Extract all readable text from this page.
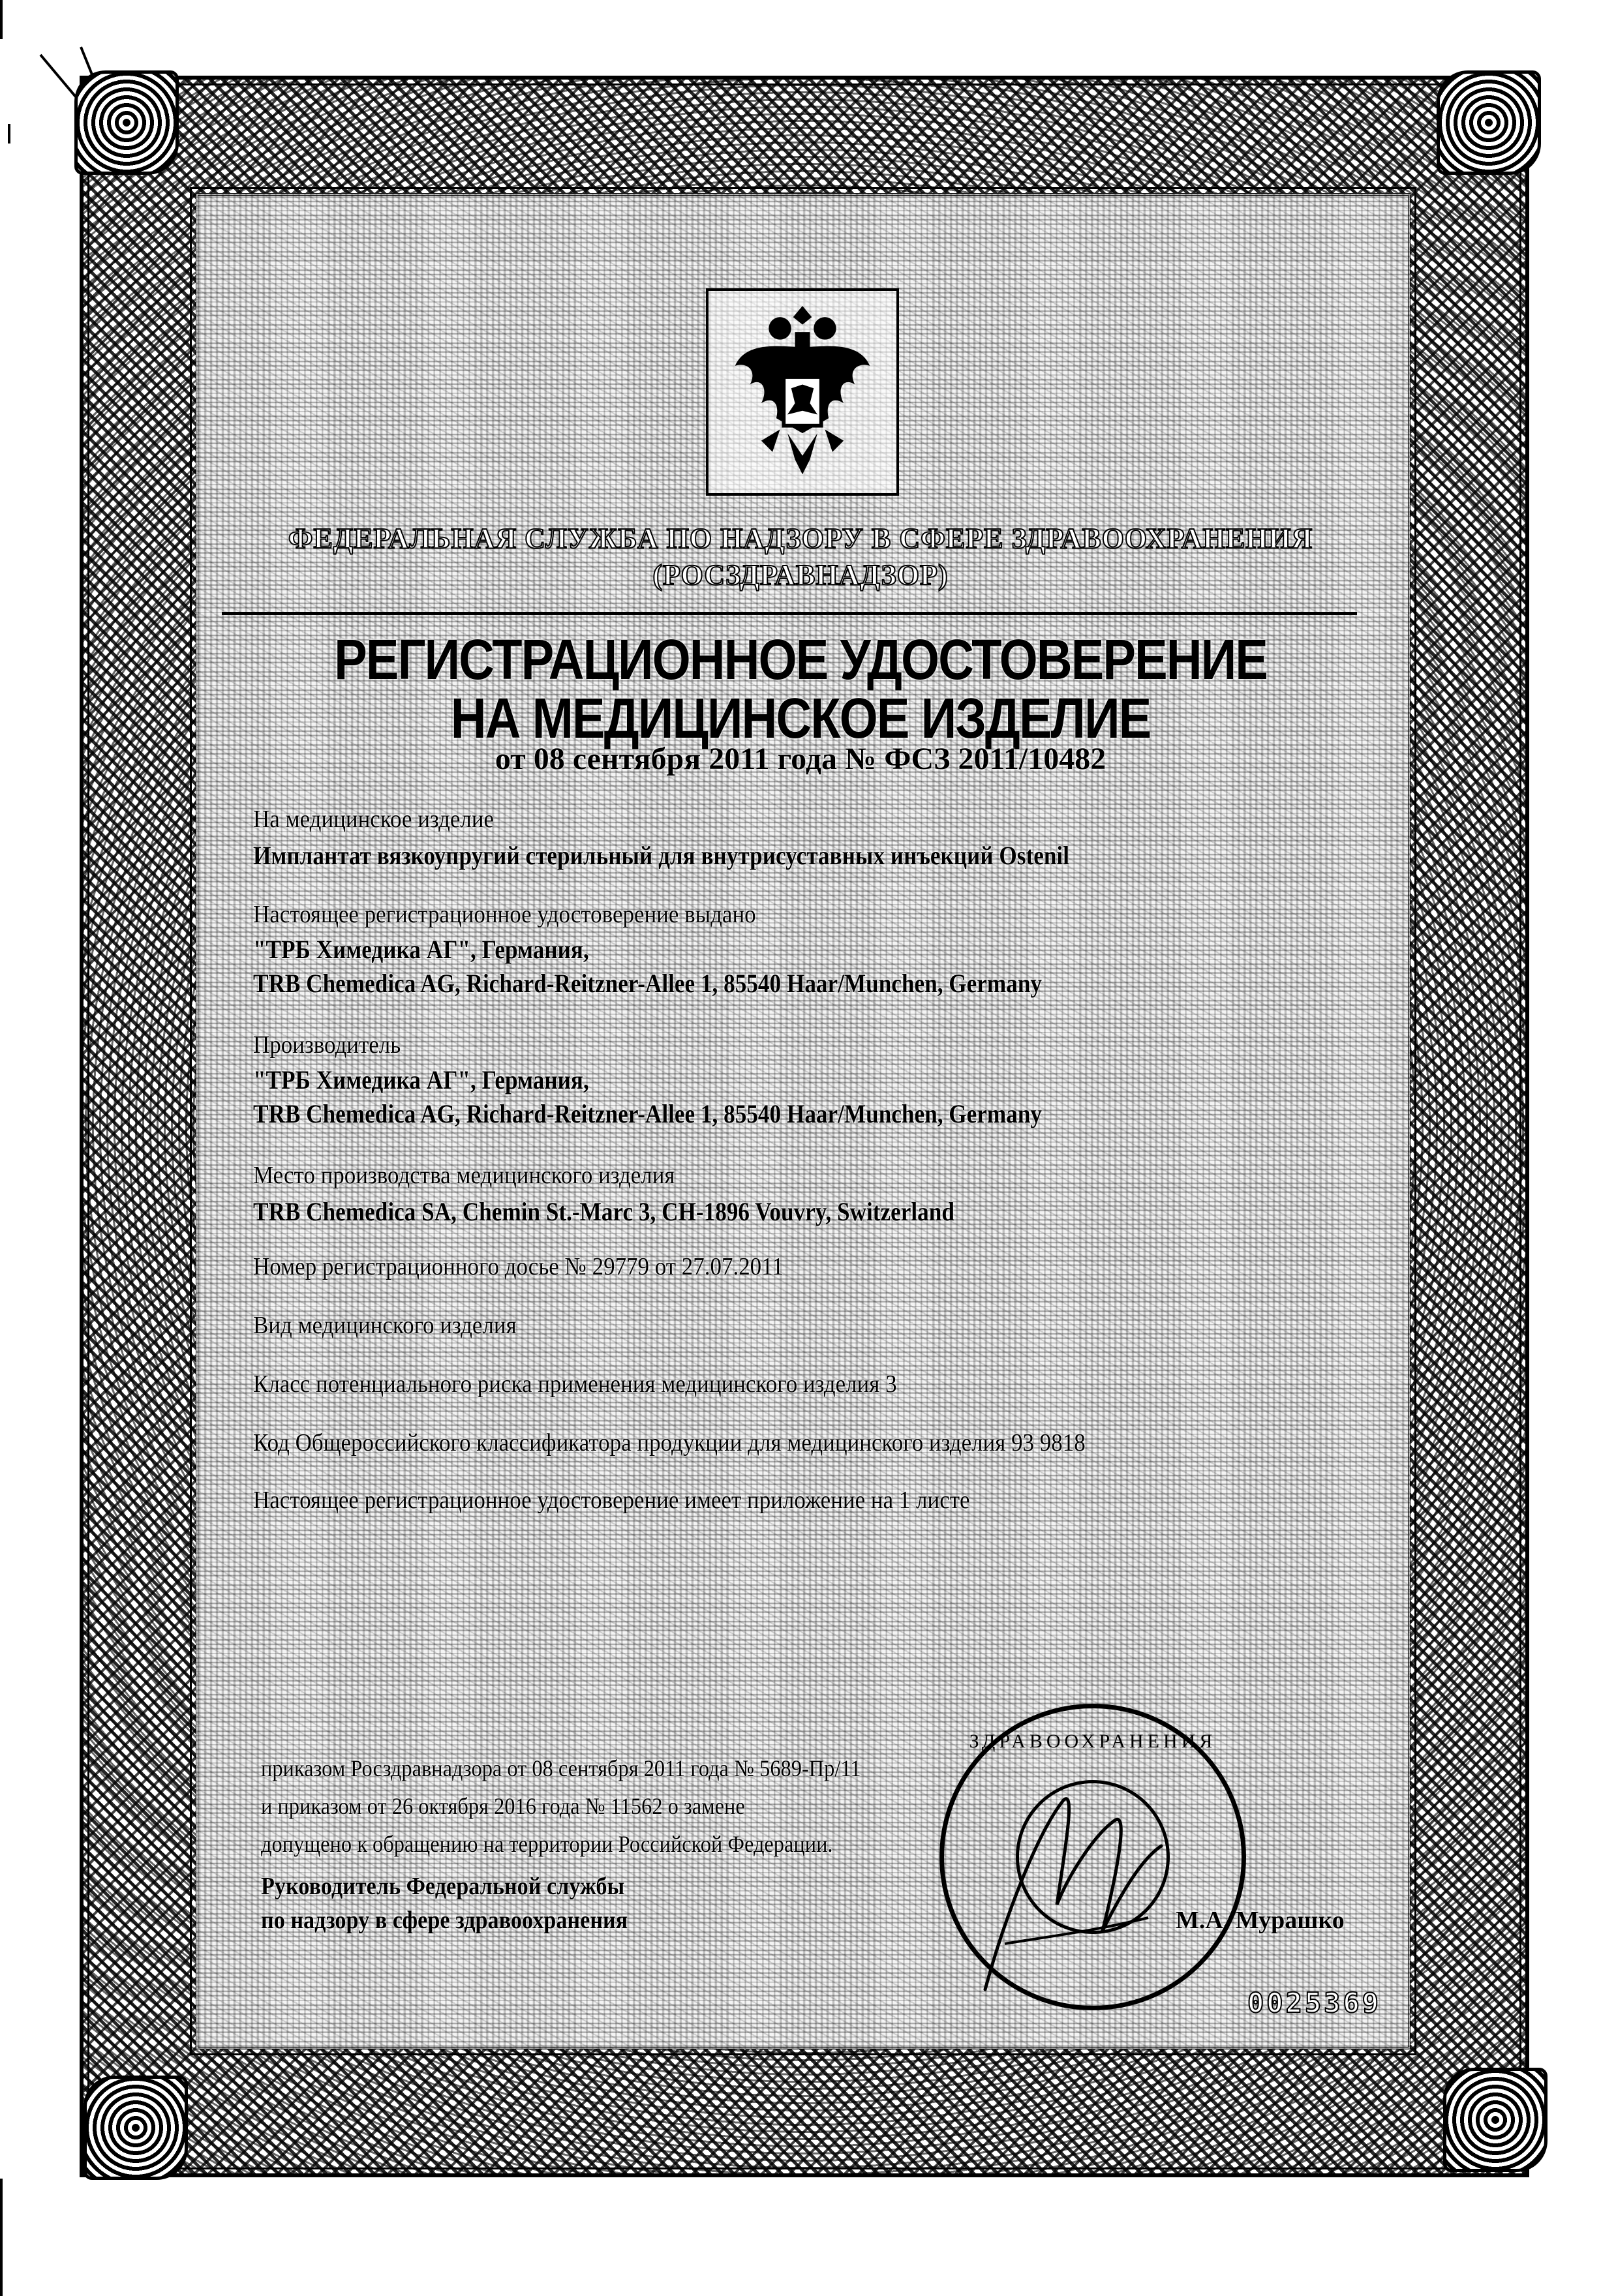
ФЕДЕРАЛЬНАЯ СЛУЖБА ПО НАДЗОРУ В СФЕРЕ ЗДРАВООХРАНЕНИЯ
(РОСЗДРАВНАДЗОР)
РЕГИСТРАЦИОННОЕ УДОСТОВЕРЕНИЕ
НА МЕДИЦИНСКОЕ ИЗДЕЛИЕ
от 08 сентября 2011 года № ФСЗ 2011/10482
На медицинское изделие
Имплантат вязкоупругий стерильный для внутрисуставных инъекций Ostenil
Настоящее регистрационное удостоверение выдано
"ТРБ Химедика АГ", Германия,
TRB Chemedica AG, Richard-Reitzner-Allee 1, 85540 Haar/Munchen, Germany
Производитель
"ТРБ Химедика АГ", Германия,
TRB Chemedica AG, Richard-Reitzner-Allee 1, 85540 Haar/Munchen, Germany
Место производства медицинского изделия
TRB Chemedica SA, Chemin St.-Marc 3, CH-1896 Vouvry, Switzerland
Номер регистрационного досье № 29779 от 27.07.2011
Вид медицинского изделия
Класс потенциального риска применения медицинского изделия 3
Код Общероссийского классификатора продукции для медицинского изделия 93 9818
Настоящее регистрационное удостоверение имеет приложение на 1 листе
приказом Росздравнадзора от 08 сентября 2011 года № 5689-Пр/11
и приказом от 26 октября 2016 года № 11562 о замене
допущено к обращению на территории Российской Федерации.
Руководитель Федеральной службы
по надзору в сфере здравоохранения	М.А. Мурашко
ЗДРАВООХРАНЕНИЯ
0025369
